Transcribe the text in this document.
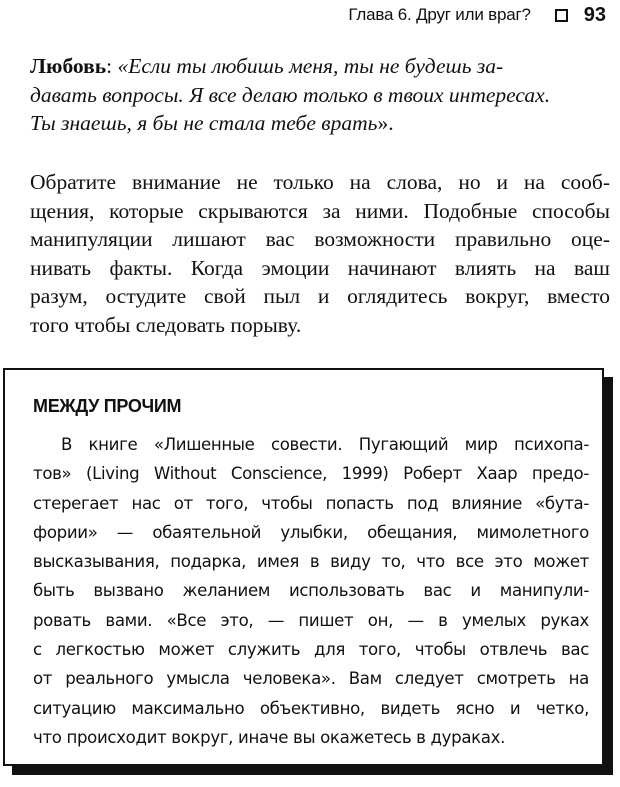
Глава 6. Друг или враг?	93
Любовь: «Если ты любишь меня, ты не будешь за-
давать вопросы. Я все делаю только в твоих интересах.
Ты знаешь, я бы не стала тебе врать».
Обратите внимание не только на слова, но и на сооб-
щения, которые скрываются за ними. Подобные способы
манипуляции лишают вас возможности правильно оце-
нивать факты. Когда эмоции начинают влиять на ваш
разум, остудите свой пыл и оглядитесь вокруг, вместо
того чтобы следовать порыву.
МЕЖДУ ПРОЧИМ
В книге «Лишенные совести. Пугающий мир психопа-
тов» (Living Without Conscience, 1999) Роберт Хаар предо-
стерегает нас от того, чтобы попасть под влияние «бута-
фории» — обаятельной улыбки, обещания, мимолетного
высказывания, подарка, имея в виду то, что все это может
быть вызвано желанием использовать вас и манипули-
ровать вами. «Все это, — пишет он, — в умелых руках
с легкостью может служить для того, чтобы отвлечь вас
от реального умысла человека». Вам следует смотреть на
ситуацию максимально объективно, видеть ясно и четко,
что происходит вокруг, иначе вы окажетесь в дураках.
